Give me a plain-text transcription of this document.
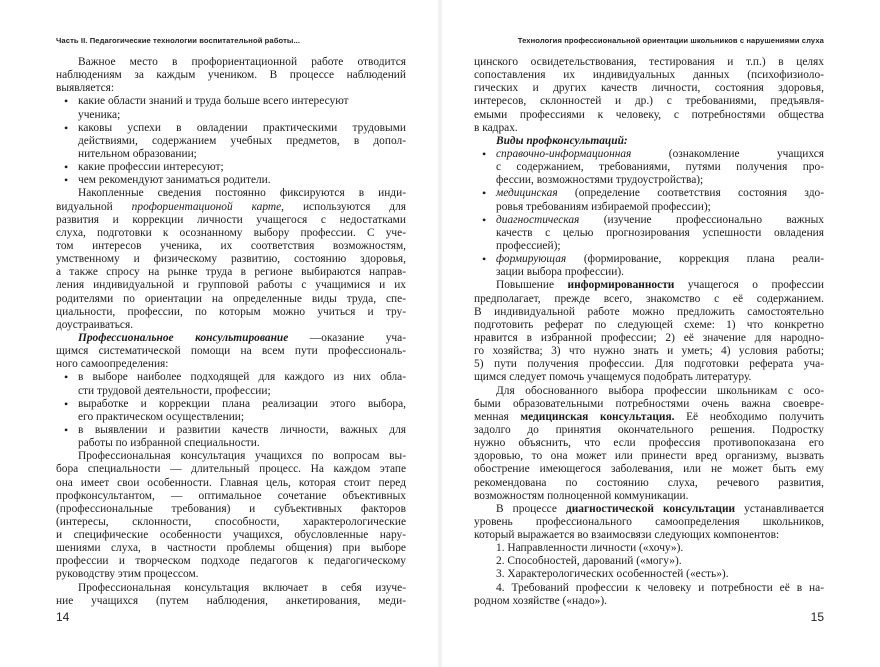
Часть II. Педагогические технологии воспитательной работы...
Важное место в профориентационной работе отводится
наблюдениям за каждым учеником. В процессе наблюдений
выявляется:
• какие области знаний и труда больше всего интересуют
ученика;
• каковы успехи в овладении практическими трудовыми
действиями, содержанием учебных предметов, в допол-
нительном образовании;
• какие профессии интересуют;
• чем рекомендуют заниматься родители.
Накопленные сведения постоянно фиксируются в инди-
видуальной профориентационой карте, используются для
развития и коррекции личности учащегося с недостатками
слуха, подготовки к осознанному выбору профессии. С уче-
том интересов ученика, их соответствия возможностям,
умственному и физическому развитию, состоянию здоровья,
а также спросу на рынке труда в регионе выбираются направ-
ления индивидуальной и групповой работы с учащимися и их
родителями по ориентации на определенные виды труда, спе-
циальности, профессии, по которым можно учиться и тру-
доустраиваться.
Профессиональное консультирование —оказание уча-
щимся систематической помощи на всем пути профессиональ-
ного самоопределения:
• в выборе наиболее подходящей для каждого из них обла-
сти трудовой деятельности, профессии;
• выработке и коррекции плана реализации этого выбора,
его практическом осуществлении;
• в выявлении и развитии качеств личности, важных для
работы по избранной специальности.
Профессиональная консультация учащихся по вопросам вы-
бора специальности — длительный процесс. На каждом этапе
она имеет свои особенности. Главная цель, которая стоит перед
профконсультантом, — оптимальное сочетание объективных
(профессиональные требования) и субъективных факторов
(интересы, склонности, способности, характерологические
и специфические особенности учащихся, обусловленные нару-
шениями слуха, в частности проблемы общения) при выборе
профессии и творческом подходе педагогов к педагогическому
руководству этим процессом.
Профессиональная консультация включает в себя изуче-
ние учащихся (путем наблюдения, анкетирования, меди-
14
Технология профессиональной ориентации школьников с нарушениями слуха
цинского освидетельствования, тестирования и т.п.) в целях
сопоставления их индивидуальных данных (психофизиоло-
гических и других качеств личности, состояния здоровья,
интересов, склонностей и др.) с требованиями, предъявля-
емыми профессиями к человеку, с потребностями общества
в кадрах.
Виды профконсультаций:
• справочно-информационная (ознакомление учащихся
с содержанием, требованиями, путями получения про-
фессии, возможностями трудоустройства);
• медицинская (определение соответствия состояния здо-
ровья требованиям избираемой профессии);
• диагностическая (изучение профессионально важных
качеств с целью прогнозирования успешности овладения
профессией);
• формирующая (формирование, коррекция плана реали-
зации выбора профессии).
Повышение информированности учащегося о профессии
предполагает, прежде всего, знакомство с её содержанием.
В индивидуальной работе можно предложить самостоятельно
подготовить реферат по следующей схеме: 1) что конкретно
нравится в избранной профессии; 2) её значение для народно-
го хозяйства; 3) что нужно знать и уметь; 4) условия работы;
5) пути получения профессии. Для подготовки реферата уча-
щимся следует помочь учащемуся подобрать литературу.
Для обоснованного выбора профессии школьникам с осо-
быми образовательными потребностями очень важна своевре-
менная медицинская консультация. Её необходимо получить
задолго до принятия окончательного решения. Подростку
нужно объяснить, что если профессия противопоказана его
здоровью, то она может или принести вред организму, вызвать
обострение имеющегося заболевания, или не может быть ему
рекомендована по состоянию слуха, речевого развития,
возможностям полноценной коммуникации.
В процессе диагностической консультации устанавливается
уровень профессионального самоопределения школьников,
который выражается во взаимосвязи следующих компонентов:
1. Направленности личности («хочу»).
2. Способностей, дарований («могу»).
3. Характерологических особенностей («есть»).
4. Требований профессии к человеку и потребности её в на-
родном хозяйстве («надо»).
15
